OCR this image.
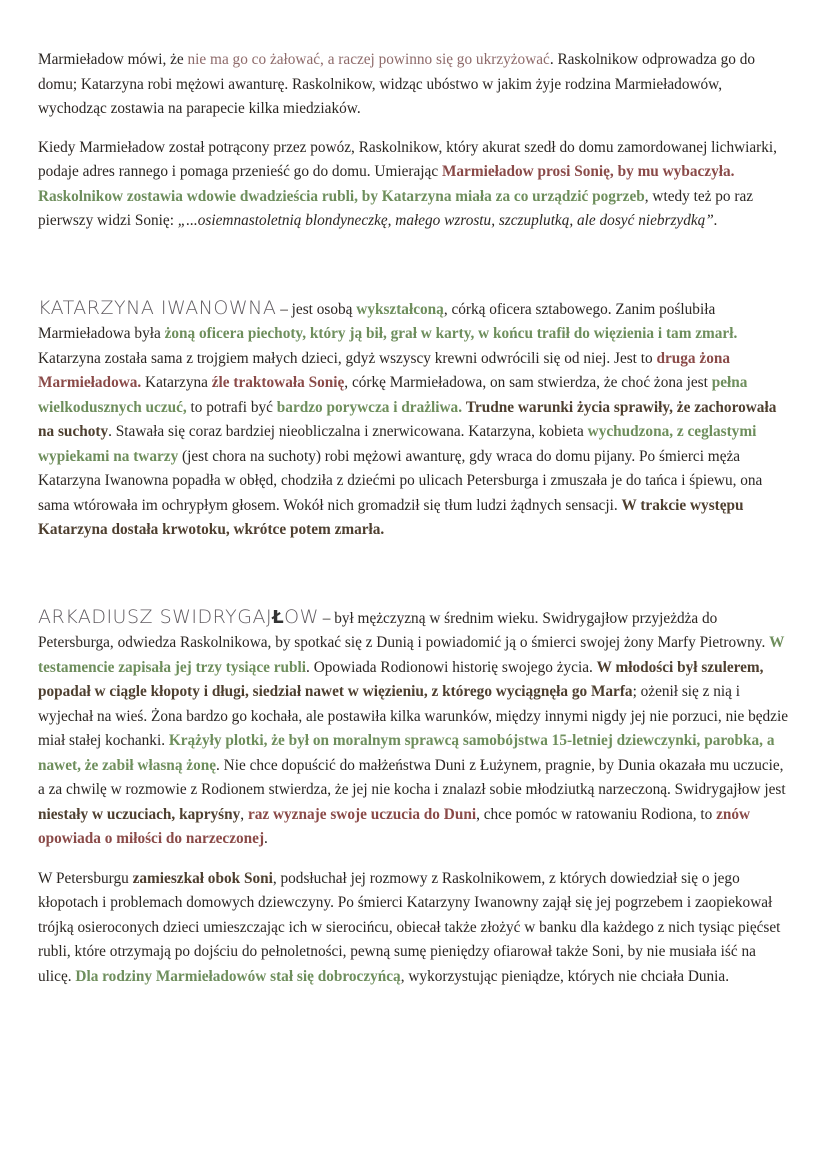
Marmieładow mówi, że nie ma go co żałować, a raczej powinno się go ukrzyżować. Raskolnikow odprowadza go do domu; Katarzyna robi mężowi awanturę. Raskolnikow, widząc ubóstwo w jakim żyje rodzina Marmieładowów, wychodząc zostawia na parapecie kilka miedziaków.

Kiedy Marmieładow został potrącony przez powóz, Raskolnikow, który akurat szedł do domu zamordowanej lichwiarki, podaje adres rannego i pomaga przenieść go do domu. Umierając Marmieładow prosi Sonię, by mu wybaczyła. Raskolnikow zostawia wdowie dwadzieścia rubli, by Katarzyna miała za co urządzić pogrzeb, wtedy też po raz pierwszy widzi Sonię: „...osiemnastoletnią blondyneczkę, małego wzrostu, szczuplutką, ale dosyć niebrzydką”.

KATARZYNA IWANOWNA – jest osobą wykształconą, córką oficera sztabowego. Zanim poślubiła Marmieładowa była żoną oficera piechoty, który ją bił, grał w karty, w końcu trafił do więzienia i tam zmarł. Katarzyna została sama z trojgiem małych dzieci, gdyż wszyscy krewni odwrócili się od niej. Jest to druga żona Marmieładowa. Katarzyna źle traktowała Sonię, córkę Marmieładowa, on sam stwierdza, że choć żona jest pełna wielkodusznych uczuć, to potrafi być bardzo porywcza i drażliwa. Trudne warunki życia sprawiły, że zachorowała na suchoty. Stawała się coraz bardziej nieobliczalna i znerwicowana. Katarzyna, kobieta wychudzona, z ceglastymi wypiekami na twarzy (jest chora na suchoty) robi mężowi awanturę, gdy wraca do domu pijany. Po śmierci męża Katarzyna Iwanowna popadła w obłęd, chodziła z dziećmi po ulicach Petersburga i zmuszała je do tańca i śpiewu, ona sama wtórowała im ochrypłym głosem. Wokół nich gromadził się tłum ludzi żądnych sensacji. W trakcie występu Katarzyna dostała krwotoku, wkrótce potem zmarła.

ARKADIUSZ SWIDRYGAJŁOW – był mężczyzną w średnim wieku. Swidrygajłow przyjeżdża do Petersburga, odwiedza Raskolnikowa, by spotkać się z Dunią i powiadomić ją o śmierci swojej żony Marfy Pietrowny. W testamencie zapisała jej trzy tysiące rubli. Opowiada Rodionowi historię swojego życia. W młodości był szulerem, popadał w ciągle kłopoty i długi, siedział nawet w więzieniu, z którego wyciągnęła go Marfa; ożenił się z nią i wyjechał na wieś. Żona bardzo go kochała, ale postawiła kilka warunków, między innymi nigdy jej nie porzuci, nie będzie miał stałej kochanki. Krążyły plotki, że był on moralnym sprawcą samobójstwa 15-letniej dziewczynki, parobka, a nawet, że zabił własną żonę. Nie chce dopuścić do małżeństwa Duni z Łużynem, pragnie, by Dunia okazała mu uczucie, a za chwilę w rozmowie z Rodionem stwierdza, że jej nie kocha i znalazł sobie młodziutką narzeczoną. Swidrygajłow jest niestały w uczuciach, kapryśny, raz wyznaje swoje uczucia do Duni, chce pomóc w ratowaniu Rodiona, to znów opowiada o miłości do narzeczonej.

W Petersburgu zamieszkał obok Soni, podsłuchał jej rozmowy z Raskolnikowem, z których dowiedział się o jego kłopotach i problemach domowych dziewczyny. Po śmierci Katarzyny Iwanowny zajął się jej pogrzebem i zaopiekował trójką osieroconych dzieci umieszczając ich w sierocińcu, obiecał także złożyć w banku dla każdego z nich tysiąc pięćset rubli, które otrzymają po dojściu do pełnoletności, pewną sumę pieniędzy ofiarował także Soni, by nie musiała iść na ulicę. Dla rodziny Marmieładowów stał się dobroczyńcą, wykorzystując pieniądze, których nie chciała Dunia.
